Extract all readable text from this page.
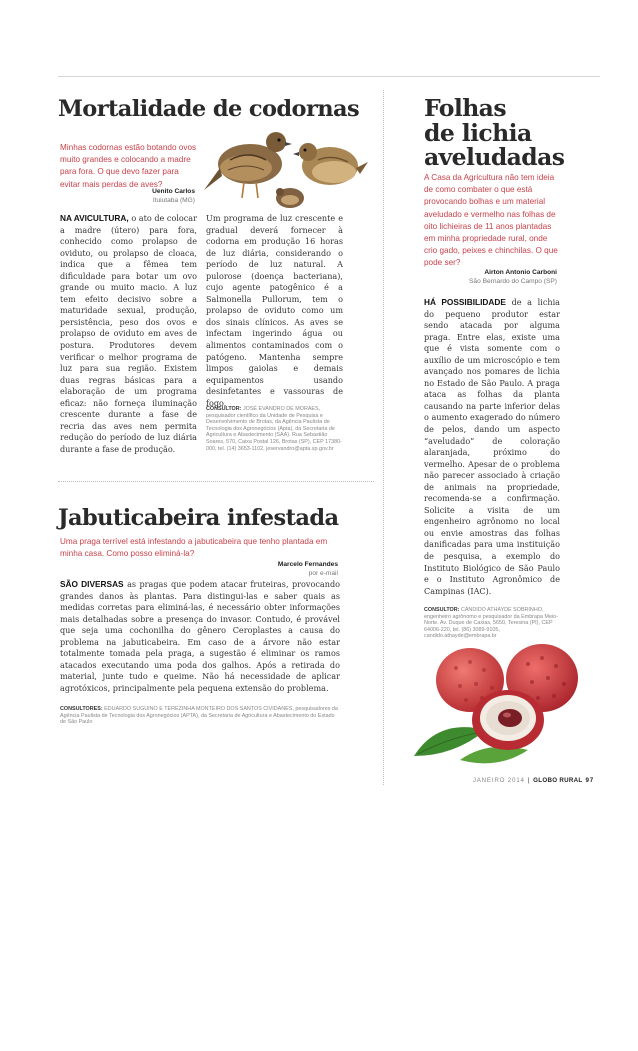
Mortalidade de codornas

Minhas codornas estão botando ovos muito grandes e colocando a madre para fora. O que devo fazer para evitar mais perdas de aves?

Uenito Carlos
Ituiutaba (MG)

NA AVICULTURA, o ato de colocar a madre (útero) para fora, conhecido como prolapso de oviduto, ou prolapso de cloaca, indica que a fêmea tem dificuldade para botar um ovo grande ou muito macio. A luz tem efeito decisivo sobre a maturidade sexual, produção, persistência, peso dos ovos e prolapso de oviduto em aves de postura. Produtores devem verificar o melhor programa de luz para sua região. Existem duas regras básicas para a elaboração de um programa eficaz: não forneça iluminação crescente durante a fase de recria das aves nem permita redução do período de luz diária durante a fase de produção.

Um programa de luz crescente e gradual deverá fornecer à codorna em produção 16 horas de luz diária, considerando o período de luz natural. A pulorose (doença bacteriana), cujo agente patogênico é a Salmonella Pullorum, tem o prolapso de oviduto como um dos sinais clínicos. As aves se infectam ingerindo água ou alimentos contaminados com o patógeno. Mantenha sempre limpos gaiolas e demais equipamentos usando desinfetantes e vassouras de fogo.

CONSULTOR: JOSÉ EVANDRO DE MORAES, pesquisador científico da Unidade de Pesquisa e Desenvolvimento de Brotas, da Agência Paulista de Tecnologia dos Agronegócios (Apta), da Secretaria de Agricultura e Abastecimento (SAA). Rua Sebastião Soares, 570, Caixa Postal 126, Brotas (SP), CEP 17380-000, tel. (14) 3653-1102, jeservandro@apta.sp.gov.br

Jabuticabeira infestada

Uma praga terrível está infestando a jabuticabeira que tenho plantada em minha casa. Como posso eliminá-la?

Marcelo Fernandes
por e-mail

SÃO DIVERSAS as pragas que podem atacar fruteiras, provocando grandes danos às plantas. Para distingui-las e saber quais as medidas corretas para eliminá-las, é necessário obter informações mais detalhadas sobre a presença do invasor. Contudo, é provável que seja uma cochonilha do gênero Ceroplastes a causa do problema na jabuticabeira. Em caso de a árvore não estar totalmente tomada pela praga, a sugestão é eliminar os ramos atacados executando uma poda dos galhos. Após a retirada do material, junte tudo e queime. Não há necessidade de aplicar agrotóxicos, principalmente pela pequena extensão do problema.

CONSULTORES: EDUARDO SUGUINO E TEREZINHA MONTEIRO DOS SANTOS CIVIDANES, pesquisadores da Agência Paulista de Tecnologia dos Agronegócios (APTA), da Secretaria de Agricultura e Abastecimento do Estado de São Paulo

Folhas
de lichia
aveludadas

A Casa da Agricultura não tem ideia de como combater o que está provocando bolhas e um material aveludado e vermelho nas folhas de oito lichieiras de 11 anos plantadas em minha propriedade rural, onde crio gado, peixes e chinchilas. O que pode ser?

Airton Antonio Carboni
São Bernardo do Campo (SP)

HÁ POSSIBILIDADE de a lichia do pequeno produtor estar sendo atacada por alguma praga. Entre elas, existe uma que é vista somente com o auxílio de um microscópio e tem avançado nos pomares de lichia no Estado de São Paulo. A praga ataca as folhas da planta causando na parte inferior delas o aumento exagerado do número de pelos, dando um aspecto “aveludado” de coloração alaranjada, próximo do vermelho. Apesar de o problema não parecer associado à criação de animais na propriedade, recomenda-se a confirmação. Solicite a visita de um engenheiro agrônomo no local ou envie amostras das folhas danificadas para uma instituição de pesquisa, a exemplo do Instituto Biológico de São Paulo e o Instituto Agronômico de Campinas (IAC).

CONSULTOR: CÂNDIDO ATHAYDE SOBRINHO, engenheiro agrônomo e pesquisador da Embrapa Meio-Norte. Av. Duque de Caxias, 5650, Teresina (PI), CEP 64006-220, tel. (86) 3089-9105, candido.athayde@embrapa.br

JANEIRO 2014 | GLOBO RURAL 97
